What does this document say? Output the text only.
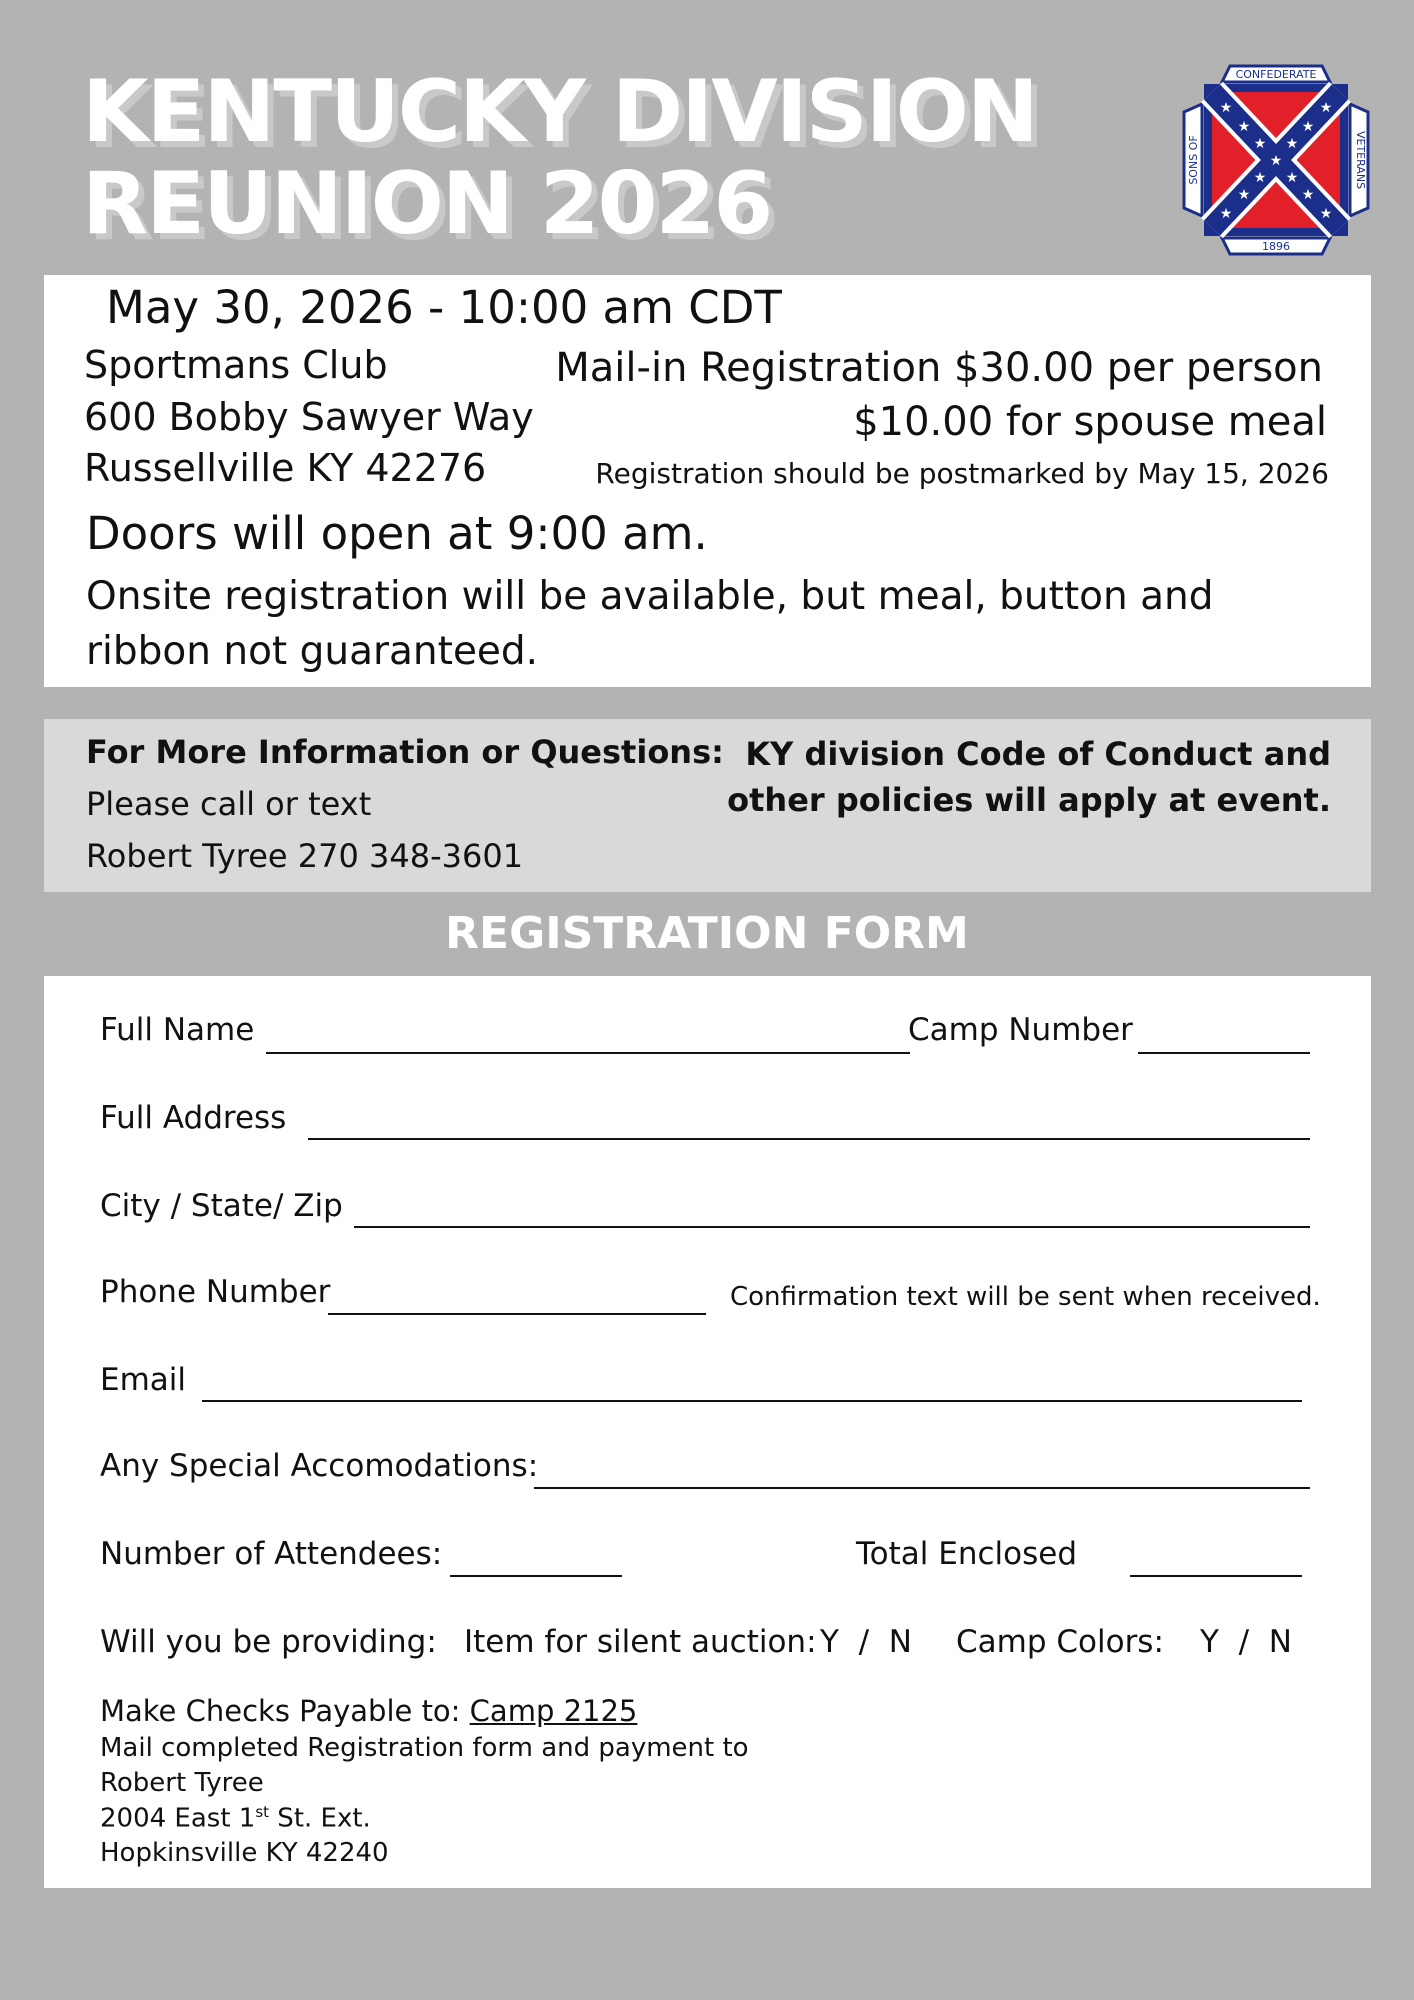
KENTUCKY DIVISION
REUNION 2026
CONFEDERATE
1896
SONS OF	VETERANS
★
★
★
★
★
★
★
★
★
★
★
★
★
May 30, 2026 - 10:00 am CDT
Sportmans Club
600 Bobby Sawyer Way
Russellville KY 42276
Mail-in Registration $30.00 per person
$10.00 for spouse meal
Registration should be postmarked by May 15, 2026
Doors will open at 9:00 am.
Onsite registration will be available, but meal, button and ribbon not guaranteed.
For More Information or Questions:
Please call or text
Robert Tyree 270 348-3601
KY division Code of Conduct and
other policies will apply at event.
REGISTRATION FORM
Full Name	Camp Number
Full Address
City / State/ Zip
Phone Number	Confirmation text will be sent when received.
Email
Any Special Accomodations:
Number of Attendees:	Total Enclosed
Will you be providing: Item for silent auction: Y  /  N Camp Colors: Y  /  N
Make Checks Payable to: Camp 2125
Mail completed Registration form and payment to
Robert Tyree
2004 East 1st St. Ext.
Hopkinsville KY 42240
